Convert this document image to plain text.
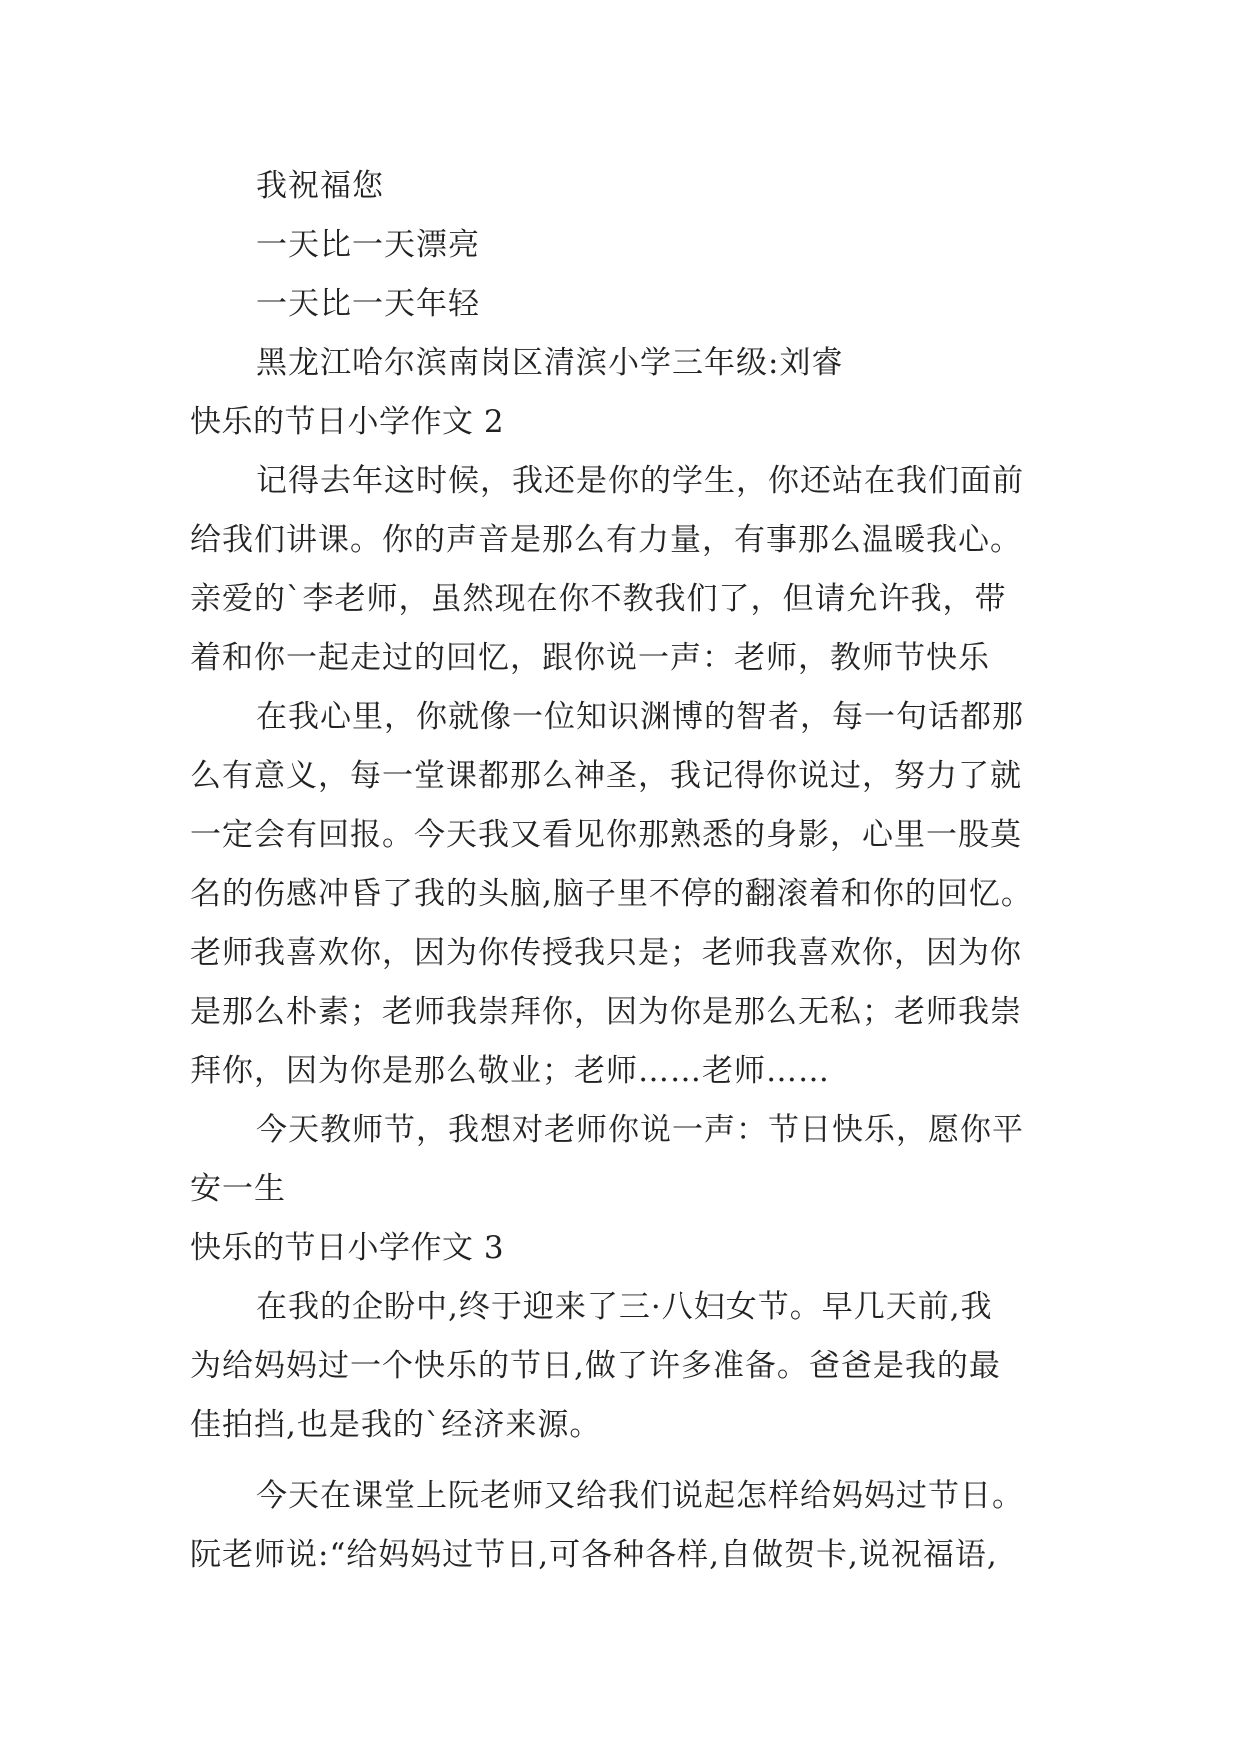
我祝福您
一天比一天漂亮
一天比一天年轻
黑龙江哈尔滨南岗区清滨小学三年级:刘睿
快乐的节日小学作文 2
记得去年这时候，我还是你的学生，你还站在我们面前
给我们讲课。你的声音是那么有力量，有事那么温暖我心。
亲爱的`李老师，虽然现在你不教我们了，但请允许我，带
着和你一起走过的回忆，跟你说一声：老师，教师节快乐
在我心里，你就像一位知识渊博的智者，每一句话都那
么有意义，每一堂课都那么神圣，我记得你说过，努力了就
一定会有回报。今天我又看见你那熟悉的身影，心里一股莫
名的伤感冲昏了我的头脑,脑子里不停的翻滚着和你的回忆。
老师我喜欢你，因为你传授我只是；老师我喜欢你，因为你
是那么朴素；老师我崇拜你，因为你是那么无私；老师我崇
拜你，因为你是那么敬业；老师……老师……
今天教师节，我想对老师你说一声：节日快乐，愿你平
安一生
快乐的节日小学作文 3
在我的企盼中,终于迎来了三·八妇女节。早几天前,我
为给妈妈过一个快乐的节日,做了许多准备。爸爸是我的最
佳拍挡,也是我的`经济来源。
今天在课堂上阮老师又给我们说起怎样给妈妈过节日。
阮老师说:“给妈妈过节日,可各种各样,自做贺卡,说祝福语,
